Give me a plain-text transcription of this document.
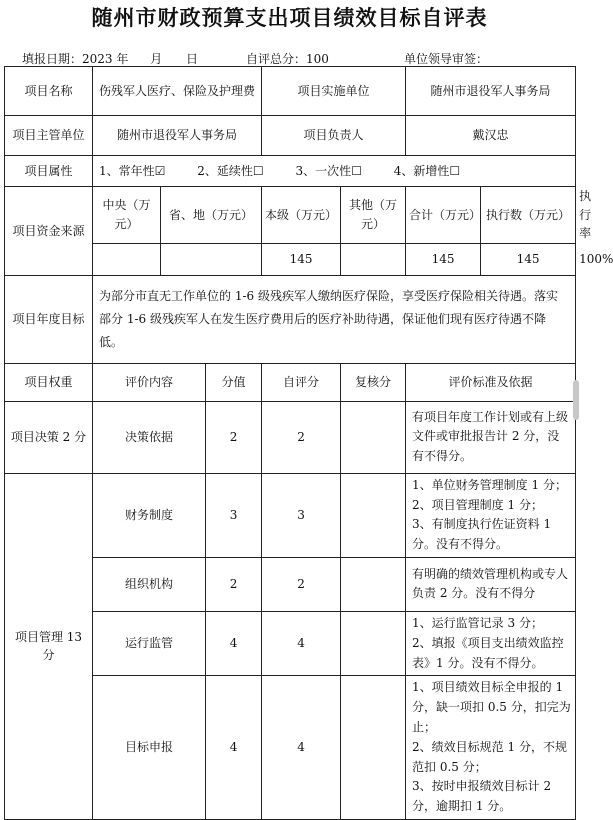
随州市财政预算支出项目绩效目标自评表
填报日期：2023 年 月 日	自评总分：100	单位领导审签：
项目名称	伤残军人医疗、保险及护理费			项目实施单位		随州市退役军人事务局		
项目主管单位	随州市退役军人事务局			项目负责人		戴汉忠		
项目属性	1、常年性☑ 2、延续性☐ 3、一次性☐ 4、新增性☐							
项目资金来源	中央（万元）	省、地（万元）		本级（万元）	其他（万元）	合计（万元）	执行数（万元）	执行率
				145		145	145	100%
项目年度目标	为部分市直无工作单位的 1-6 级残疾军人缴纳医疗保险，享受医疗保险相关待遇。落实部分 1-6 级残疾军人在发生医疗费用后的医疗补助待遇，保证他们现有医疗待遇不降低。							
项目权重	评价内容		分值	自评分	复核分	评价标准及依据		
项目决策 2 分	决策依据		2	2		有项目年度工作计划或有上级文件或审批报告计 2 分，没有不得分。		
项目管理 13 分	财务制度		3	3		1、单位财务管理制度 1 分；
2、项目管理制度 1 分；
3、有制度执行佐证资料 1 分。没有不得分。		

	组织机构		2	2		有明确的绩效管理机构或专人负责 2 分。没有不得分		

	运行监管		4	4		1、运行监管记录 3 分；
2、填报《项目支出绩效监控表》1 分。没有不得分。		

	目标申报		4	4		1、项目绩效目标全申报的 1 分，缺一项扣 0.5 分，扣完为止；
2、绩效目标规范 1 分，不规范扣 0.5 分；
3、按时申报绩效目标计 2 分，逾期扣 1 分。		
